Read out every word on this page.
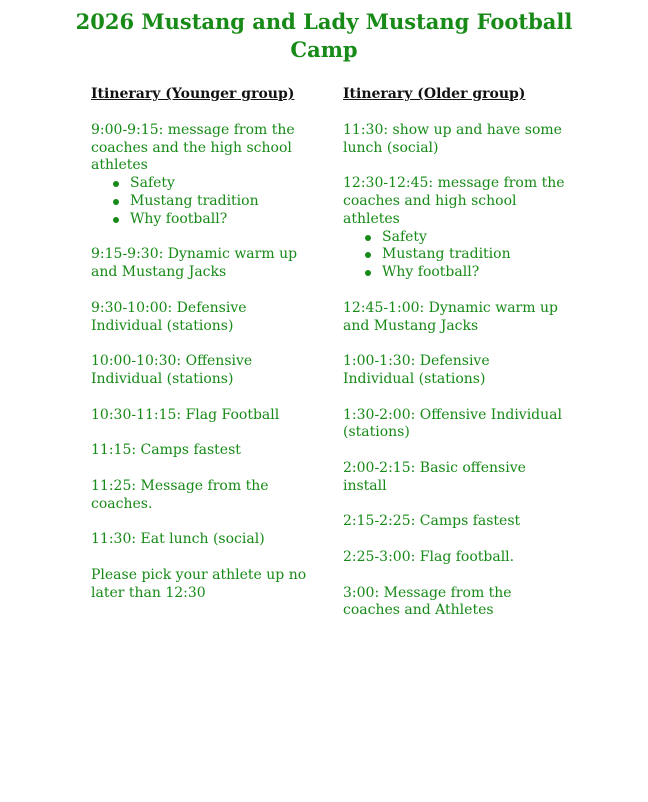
2026 Mustang and Lady Mustang Football Camp
Itinerary (Younger group)
9:00-9:15: message from the coaches and the high school athletes
Safety
Mustang tradition
Why football?
9:15-9:30: Dynamic warm up and Mustang Jacks
9:30-10:00: Defensive Individual (stations)
10:00-10:30: Offensive Individual (stations)
10:30-11:15: Flag Football
11:15: Camps fastest
11:25: Message from the coaches.
11:30: Eat lunch (social)
Please pick your athlete up no later than 12:30
Itinerary (Older group)
11:30: show up and have some lunch (social)
12:30-12:45: message from the coaches and high school athletes
Safety
Mustang tradition
Why football?
12:45-1:00: Dynamic warm up and Mustang Jacks
1:00-1:30: Defensive Individual (stations)
1:30-2:00: Offensive Individual (stations)
2:00-2:15: Basic offensive install
2:15-2:25: Camps fastest
2:25-3:00: Flag football.
3:00: Message from the coaches and Athletes
